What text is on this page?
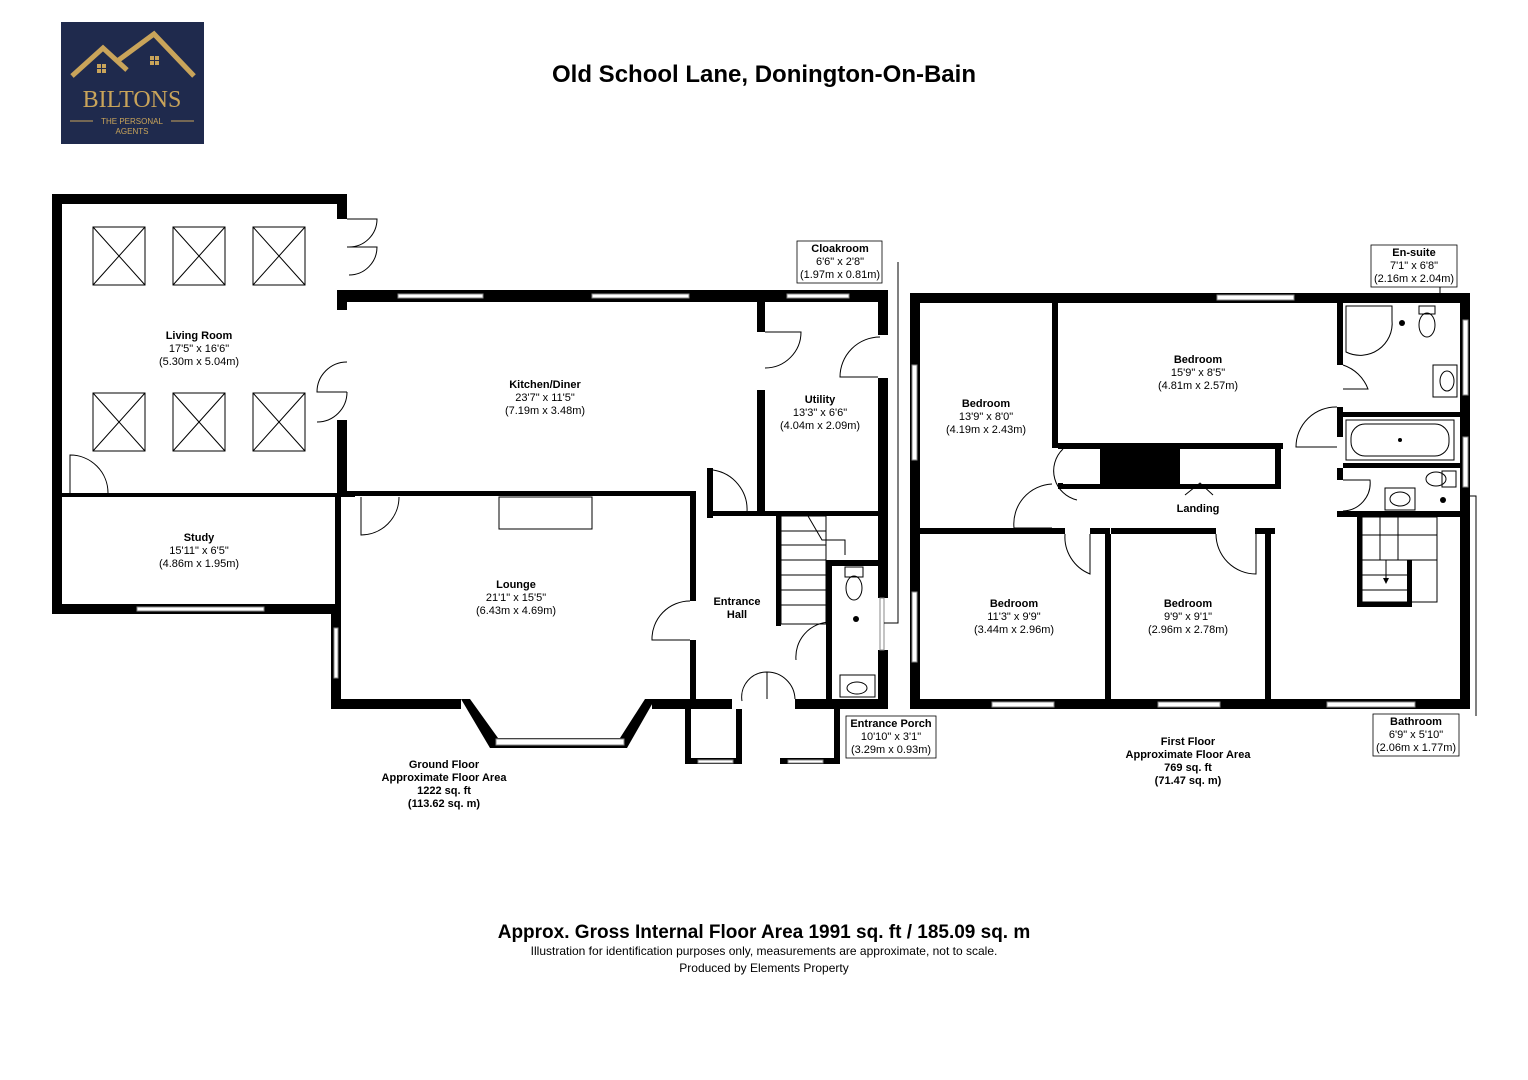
BILTONS
THE PERSONAL
AGENTS
Old School Lane, Donington-On-Bain
Living Room
17'5" x 16'6"
(5.30m x 5.04m)
Kitchen/Diner
23'7" x 11'5"
(7.19m x 3.48m)
Utility
13'3" x 6'6"
(4.04m x 2.09m)
Study
15'11" x 6'5"
(4.86m x 1.95m)
Lounge
21'1" x 15'5"
(6.43m x 4.69m)
Entrance
Hall
Cloakroom
6'6" x 2'8"
(1.97m x 0.81m)
Entrance Porch
10'10" x 3'1"
(3.29m x 0.93m)
Ground Floor
Approximate Floor Area
1222 sq. ft
(113.62 sq. m)
Bedroom
13'9" x 8'0"
(4.19m x 2.43m)
Bedroom
15'9" x 8'5"
(4.81m x 2.57m)
En-suite
7'1" x 6'8"
(2.16m x 2.04m)
Landing
Bedroom
11'3" x 9'9"
(3.44m x 2.96m)
Bedroom
9'9" x 9'1"
(2.96m x 2.78m)
Bathroom
6'9" x 5'10"
(2.06m x 1.77m)
First Floor
Approximate Floor Area
769 sq. ft
(71.47 sq. m)
Approx. Gross Internal Floor Area 1991 sq. ft / 185.09 sq. m
Illustration for identification purposes only, measurements are approximate, not to scale.
Produced by Elements Property
